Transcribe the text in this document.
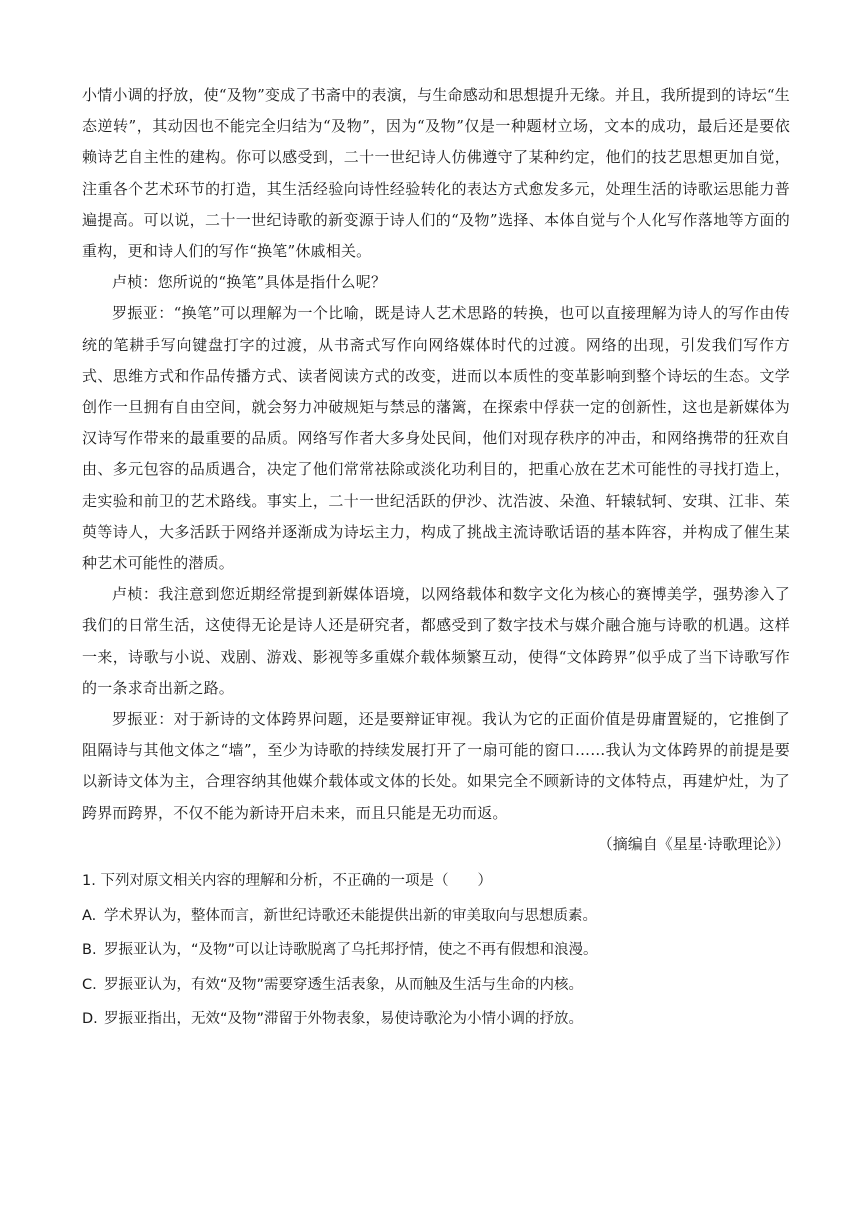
小情小调的抒放，使“及物”变成了书斋中的表演，与生命感动和思想提升无缘。并且，我所提到的诗坛“生态逆转”，其动因也不能完全归结为“及物”，因为“及物”仅是一种题材立场，文本的成功，最后还是要依赖诗艺自主性的建构。你可以感受到，二十一世纪诗人仿佛遵守了某种约定，他们的技艺思想更加自觉，注重各个艺术环节的打造，其生活经验向诗性经验转化的表达方式愈发多元，处理生活的诗歌运思能力普遍提高。可以说，二十一世纪诗歌的新变源于诗人们的“及物”选择、本体自觉与个人化写作落地等方面的重构，更和诗人们的写作“换笔”休戚相关。

卢桢：您所说的“换笔”具体是指什么呢？

罗振亚：“换笔”可以理解为一个比喻，既是诗人艺术思路的转换，也可以直接理解为诗人的写作由传统的笔耕手写向键盘打字的过渡，从书斋式写作向网络媒体时代的过渡。网络的出现，引发我们写作方式、思维方式和作品传播方式、读者阅读方式的改变，进而以本质性的变革影响到整个诗坛的生态。文学创作一旦拥有自由空间，就会努力冲破规矩与禁忌的藩篱，在探索中俘获一定的创新性，这也是新媒体为汉诗写作带来的最重要的品质。网络写作者大多身处民间，他们对现存秩序的冲击，和网络携带的狂欢自由、多元包容的品质遇合，决定了他们常常祛除或淡化功利目的，把重心放在艺术可能性的寻找打造上，走实验和前卫的艺术路线。事实上，二十一世纪活跃的伊沙、沈浩波、朵渔、轩辕轼轲、安琪、江非、茱萸等诗人，大多活跃于网络并逐渐成为诗坛主力，构成了挑战主流诗歌话语的基本阵容，并构成了催生某种艺术可能性的潜质。

卢桢：我注意到您近期经常提到新媒体语境，以网络载体和数字文化为核心的赛博美学，强势渗入了我们的日常生活，这使得无论是诗人还是研究者，都感受到了数字技术与媒介融合施与诗歌的机遇。这样一来，诗歌与小说、戏剧、游戏、影视等多重媒介载体频繁互动，使得“文体跨界”似乎成了当下诗歌写作的一条求奇出新之路。

罗振亚：对于新诗的文体跨界问题，还是要辩证审视。我认为它的正面价值是毋庸置疑的，它推倒了阻隔诗与其他文体之“墙”，至少为诗歌的持续发展打开了一扇可能的窗口……我认为文体跨界的前提是要以新诗文体为主，合理容纳其他媒介载体或文体的长处。如果完全不顾新诗的文体特点，再建炉灶，为了跨界而跨界，不仅不能为新诗开启未来，而且只能是无功而返。

（摘编自《星星·诗歌理论》）

1. 下列对原文相关内容的理解和分析，不正确的一项是（　　）

A. 学术界认为，整体而言，新世纪诗歌还未能提供出新的审美取向与思想质素。

B. 罗振亚认为，“及物”可以让诗歌脱离了乌托邦抒情，使之不再有假想和浪漫。

C. 罗振亚认为，有效“及物”需要穿透生活表象，从而触及生活与生命的内核。

D. 罗振亚指出，无效“及物”滞留于外物表象，易使诗歌沦为小情小调的抒放。
